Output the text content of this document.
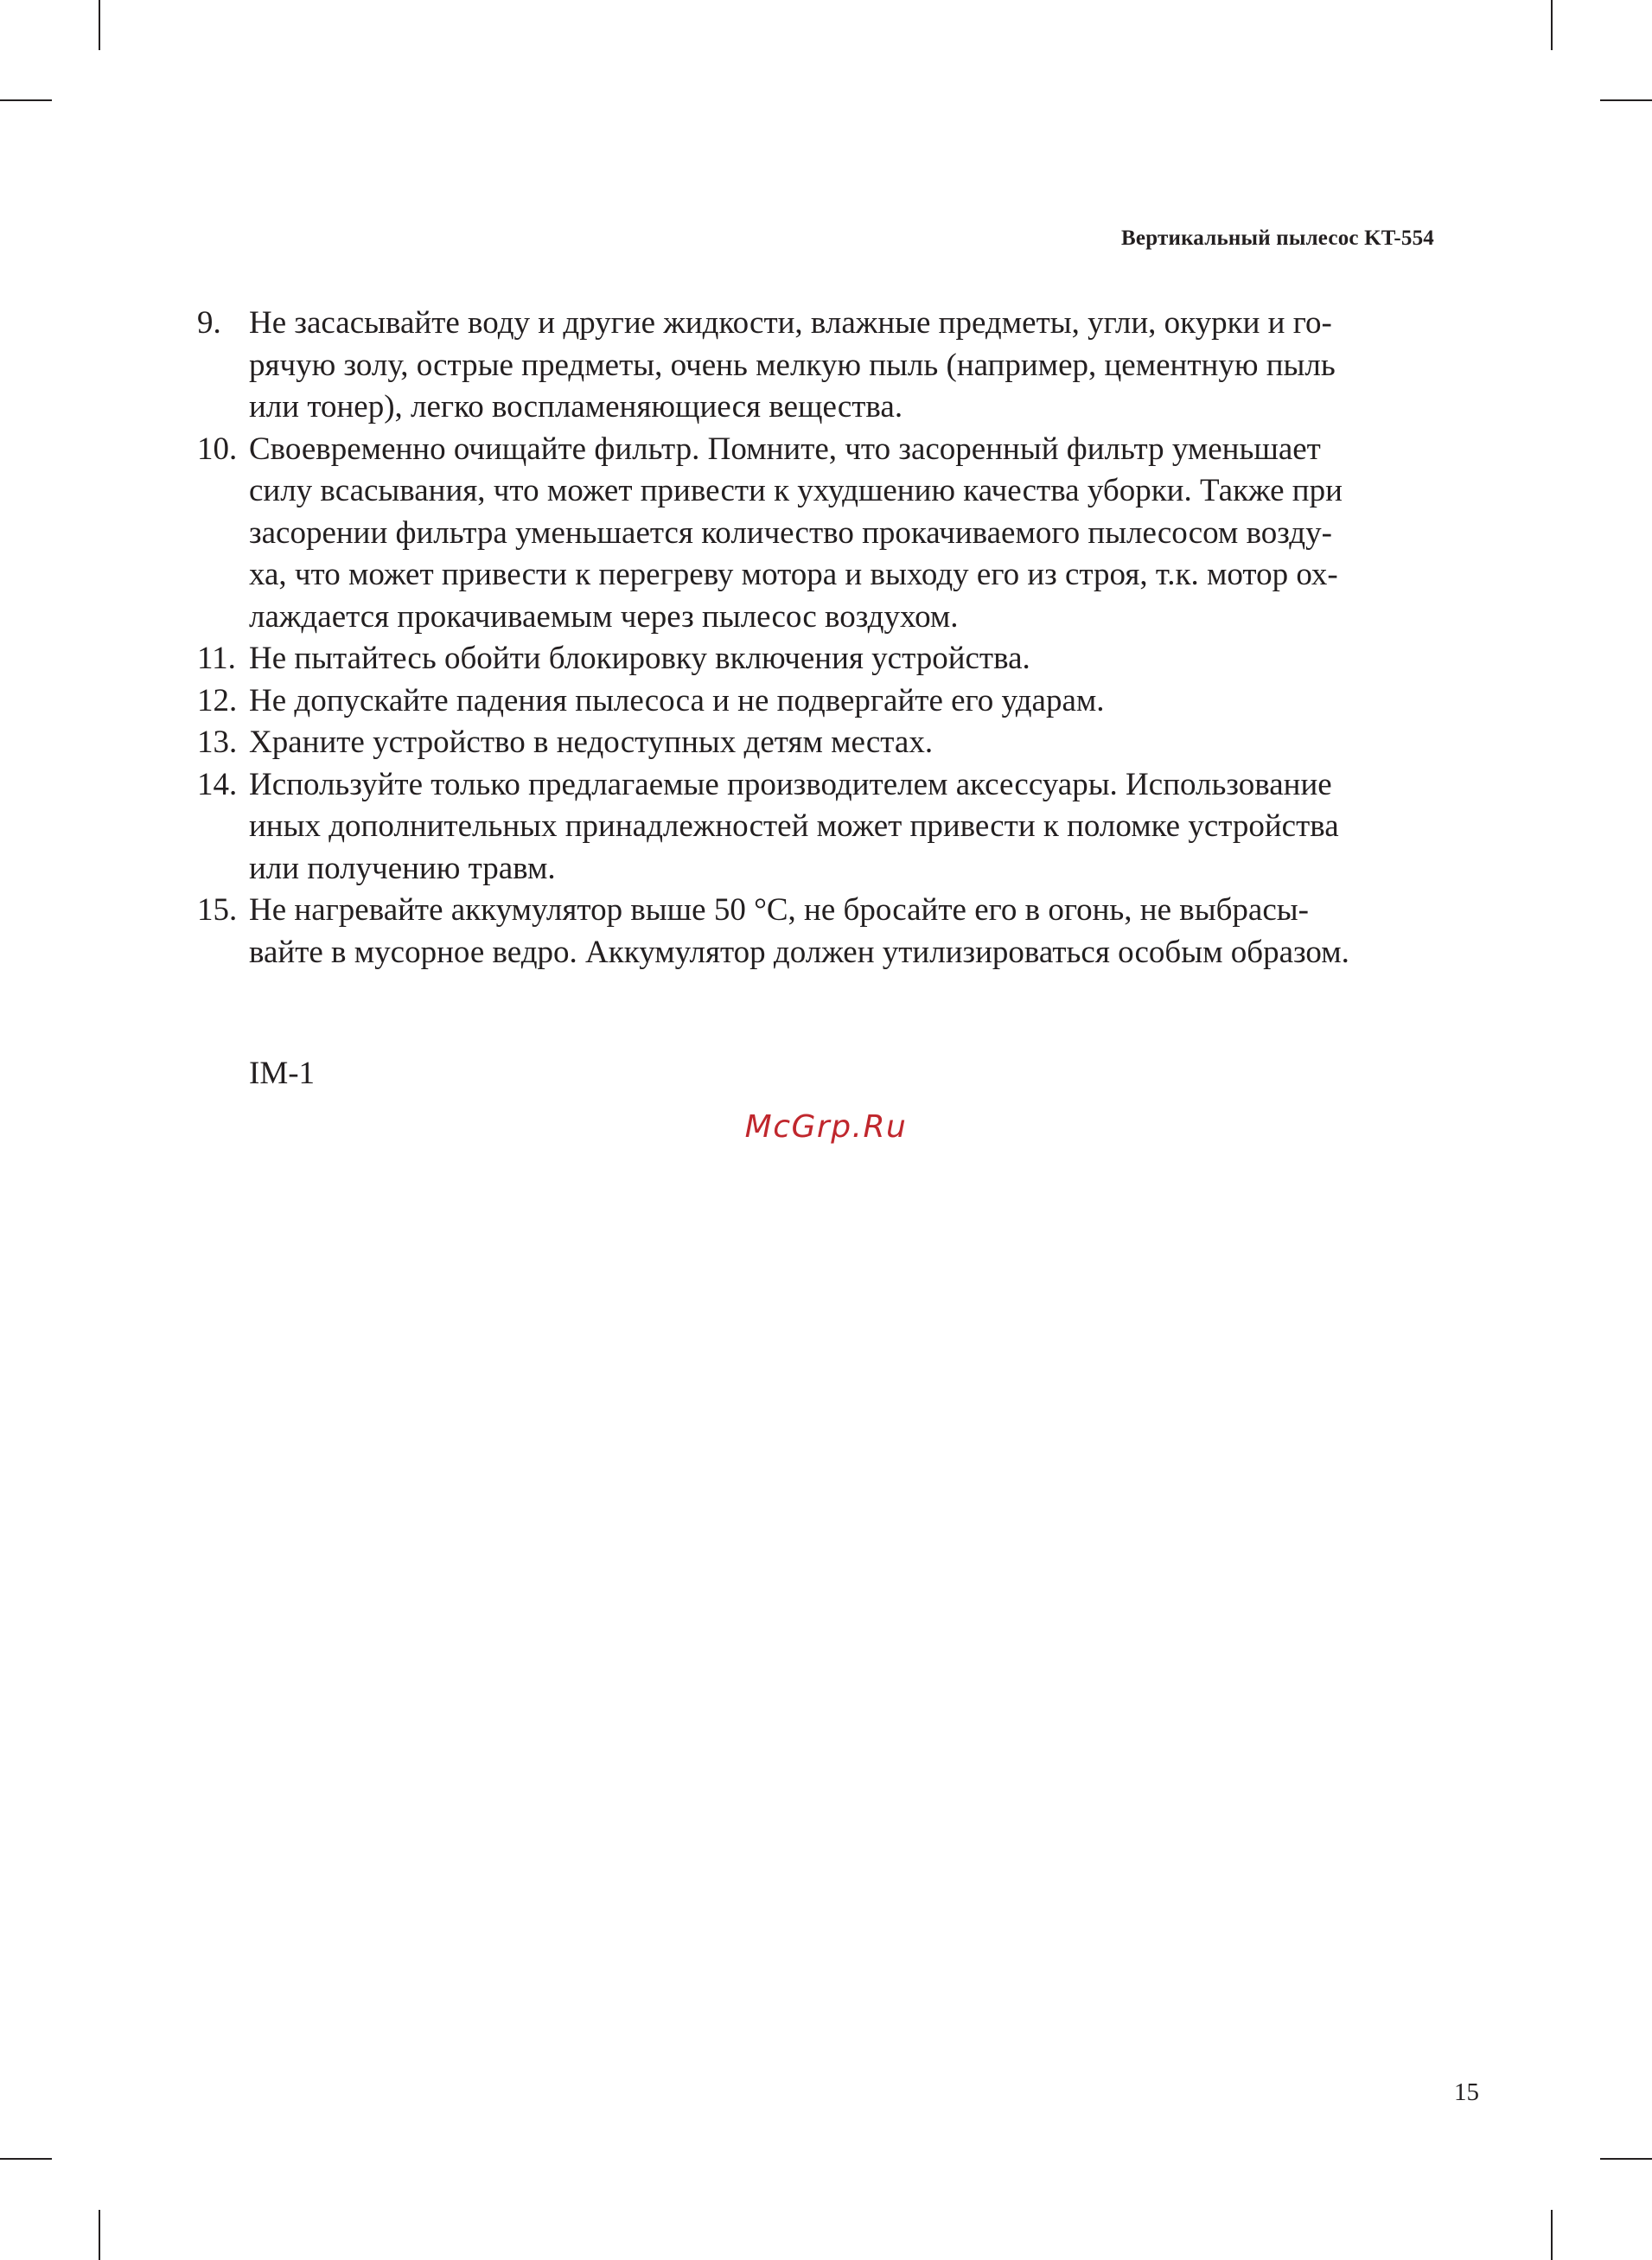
Вертикальный пылесос KT-554
9. Не засасывайте воду и другие жидкости, влажные предметы, угли, окурки и го-
рячую золу, острые предметы, очень мелкую пыль (например, цементную пыль
или тонер), легко воспламеняющиеся вещества.
10. Своевременно очищайте фильтр. Помните, что засоренный фильтр уменьшает
силу всасывания, что может привести к ухудшению качества уборки. Также при
засорении фильтра уменьшается количество прокачиваемого пылесосом возду-
ха, что может привести к перегреву мотора и выходу его из строя, т.к. мотор ох-
лаждается прокачиваемым через пылесос воздухом.
11. Не пытайтесь обойти блокировку включения устройства.
12. Не допускайте падения пылесоса и не подвергайте его ударам.
13. Храните устройство в недоступных детям местах.
14. Используйте только предлагаемые производителем аксессуары. Использование
иных дополнительных принадлежностей может привести к поломке устройства
или получению травм.
15. Не нагревайте аккумулятор выше 50 °C, не бросайте его в огонь, не выбрасы-
вайте в мусорное ведро. Аккумулятор должен утилизироваться особым образом.
IM-1
McGrp.Ru
15
